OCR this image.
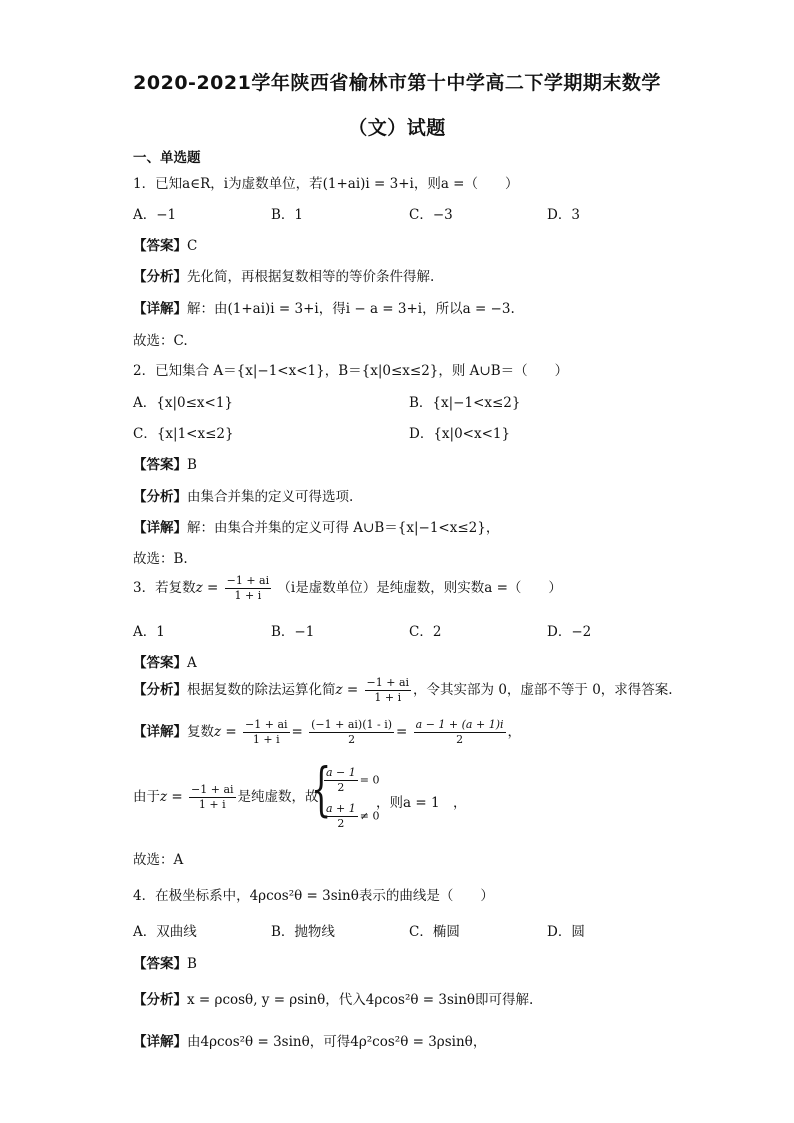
2020-2021学年陕西省榆林市第十中学高二下学期期末数学
（文）试题
一、单选题
1．已知a∈R，i为虚数单位，若(1+ai)i = 3+i，则a =（　　）
A．−1	B．1	C．−3	D．3
【答案】C
【分析】先化简，再根据复数相等的等价条件得解.
【详解】解：由(1+ai)i = 3+i，得i − a = 3+i，所以a = −3.
故选：C.
2．已知集合 A＝{x|−1<x<1}，B＝{x|0≤x≤2}，则 A∪B＝（　　）
A．{x|0≤x<1}	B．{x|−1<x≤2}
C．{x|1<x≤2}	D．{x|0<x<1}
【答案】B
【分析】由集合并集的定义可得选项.
【详解】解：由集合并集的定义可得 A∪B＝{x|−1<x≤2}，
故选：B.
3．若复数$z = \frac{-1 + ai}{1 + i} (i$是虚数单位）是纯虚数，则实数a =（　　）
A．1	B．−1	C．2	D．−2
【答案】A
【分析】根据复数的除法运算化简$z = \frac{-1 + ai}{1 + i}$ ，令其实部为 0，虚部不等于 0，求得答案.
【详解】复数$z = \frac{-1 + ai}{1 + i} = \frac{(-1 + ai)(1 - i)}{2} = \frac{a - 1 + (a + 1)i}{2}$ ，
由于$z = \frac{-1 + ai}{1 + i}$ 是纯虚数，故
{
$\frac{a - 1}{2} = 0$
$\frac{a + 1}{2} \ne 0$
，则a = 1　，
故选：A
4．在极坐标系中，4ρcos²θ = 3sinθ表示的曲线是（　　）
A．双曲线	B．抛物线	C．椭圆	D．圆
【答案】B
【分析】x = ρcosθ, y = ρsinθ，代入4ρcos²θ = 3sinθ即可得解.
【详解】由4ρcos²θ = 3sinθ，可得4ρ²cos²θ = 3ρsinθ，
